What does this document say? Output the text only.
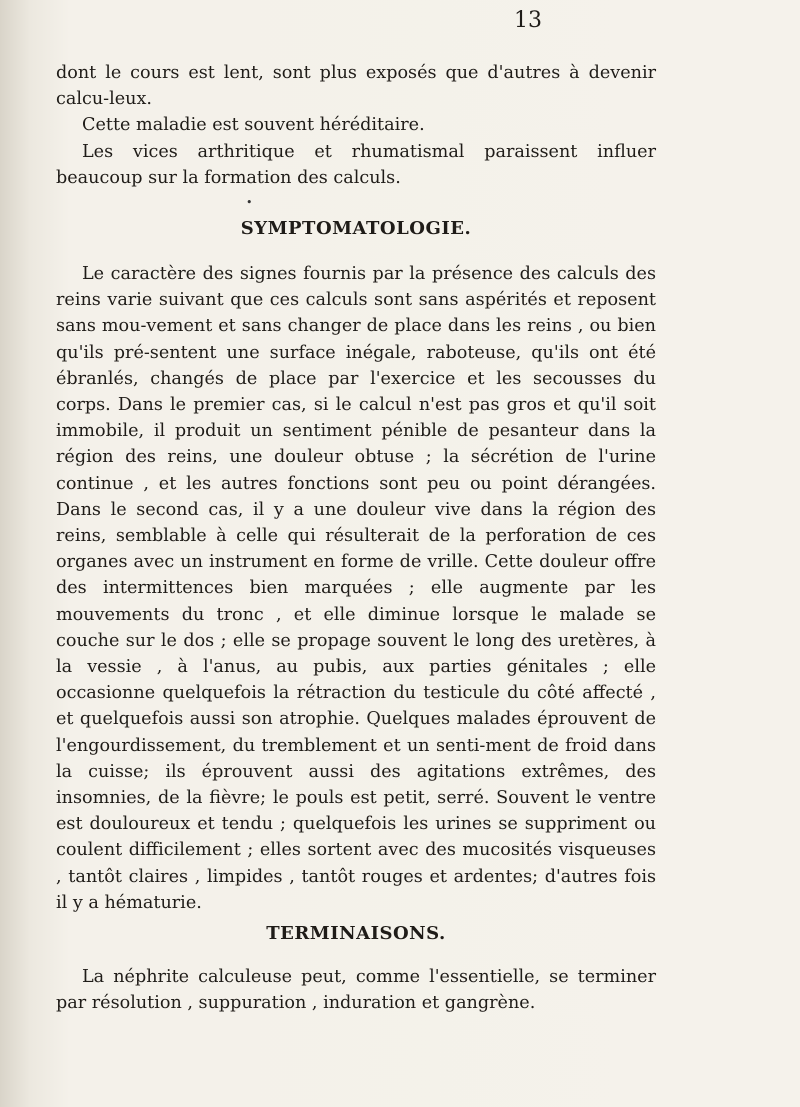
13

dont le cours est lent, sont plus exposés que d'autres à devenir calcu-leux.

Cette maladie est souvent héréditaire.

Les vices arthritique et rhumatismal paraissent influer beaucoup sur la formation des calculs.

•
SYMPTOMATOLOGIE.

Le caractère des signes fournis par la présence des calculs des reins varie suivant que ces calculs sont sans aspérités et reposent sans mou-vement et sans changer de place dans les reins , ou bien qu'ils pré-sentent une surface inégale, raboteuse, qu'ils ont été ébranlés, changés de place par l'exercice et les secousses du corps. Dans le premier cas, si le calcul n'est pas gros et qu'il soit immobile, il produit un sentiment pénible de pesanteur dans la région des reins, une douleur obtuse ; la sécrétion de l'urine continue , et les autres fonctions sont peu ou point dérangées. Dans le second cas, il y a une douleur vive dans la région des reins, semblable à celle qui résulterait de la perforation de ces organes avec un instrument en forme de vrille. Cette douleur offre des intermittences bien marquées ; elle augmente par les mouvements du tronc , et elle diminue lorsque le malade se couche sur le dos ; elle se propage souvent le long des uretères, à la vessie , à l'anus, au pubis, aux parties génitales ; elle occasionne quelquefois la rétraction du testicule du côté affecté , et quelquefois aussi son atrophie. Quelques malades éprouvent de l'engourdissement, du tremblement et un senti-ment de froid dans la cuisse; ils éprouvent aussi des agitations extrêmes, des insomnies, de la fièvre; le pouls est petit, serré. Souvent le ventre est douloureux et tendu ; quelquefois les urines se suppriment ou coulent difficilement ; elles sortent avec des mucosités visqueuses , tantôt claires , limpides , tantôt rouges et ardentes; d'autres fois il y a hématurie.

TERMINAISONS.

La néphrite calculeuse peut, comme l'essentielle, se terminer par résolution , suppuration , induration et gangrène.
